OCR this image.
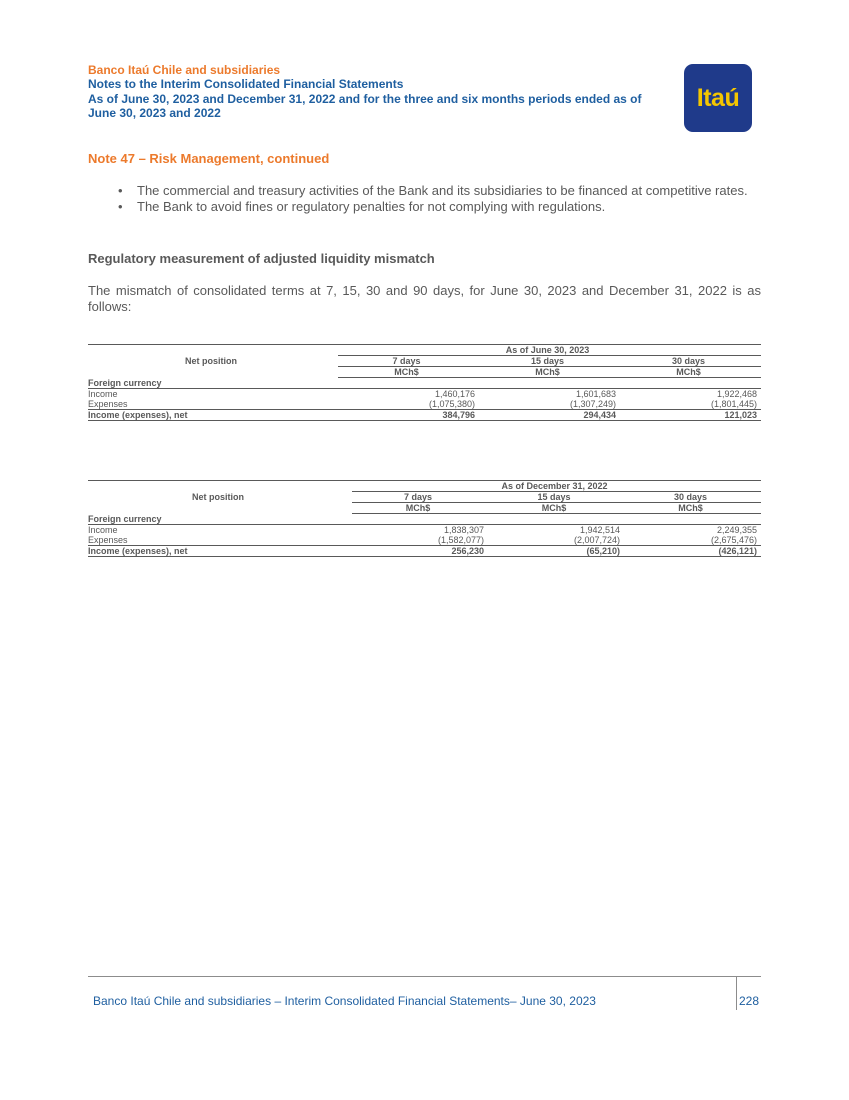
Banco Itaú Chile and subsidiaries
Notes to the Interim Consolidated Financial Statements
As of June 30, 2023 and December 31, 2022 and for the three and six months periods ended as of
June 30, 2023 and 2022
Itaú
Note 47 – Risk Management, continued
• The commercial and treasury activities of the Bank and its subsidiaries to be financed at competitive rates.
• The Bank to avoid fines or regulatory penalties for not complying with regulations.
Regulatory measurement of adjusted liquidity mismatch
The mismatch of consolidated terms at 7, 15, 30 and 90 days, for June 30, 2023 and December 31, 2022 is as follows:
Net position	As of June 30, 2023		
	7 days	15 days	30 days
	MCh$	MCh$	MCh$
Foreign currency			
Income	1,460,176	1,601,683	1,922,468
Expenses	(1,075,380)	(1,307,249)	(1,801,445)
Income (expenses), net	384,796	294,434	121,023
Net position	As of December 31, 2022		
	7 days	15 days	30 days
	MCh$	MCh$	MCh$
Foreign currency			
Income	1,838,307	1,942,514	2,249,355
Expenses	(1,582,077)	(2,007,724)	(2,675,476)
Income (expenses), net	256,230	(65,210)	(426,121)
Banco Itaú Chile and subsidiaries – Interim Consolidated Financial Statements– June 30, 2023	228
